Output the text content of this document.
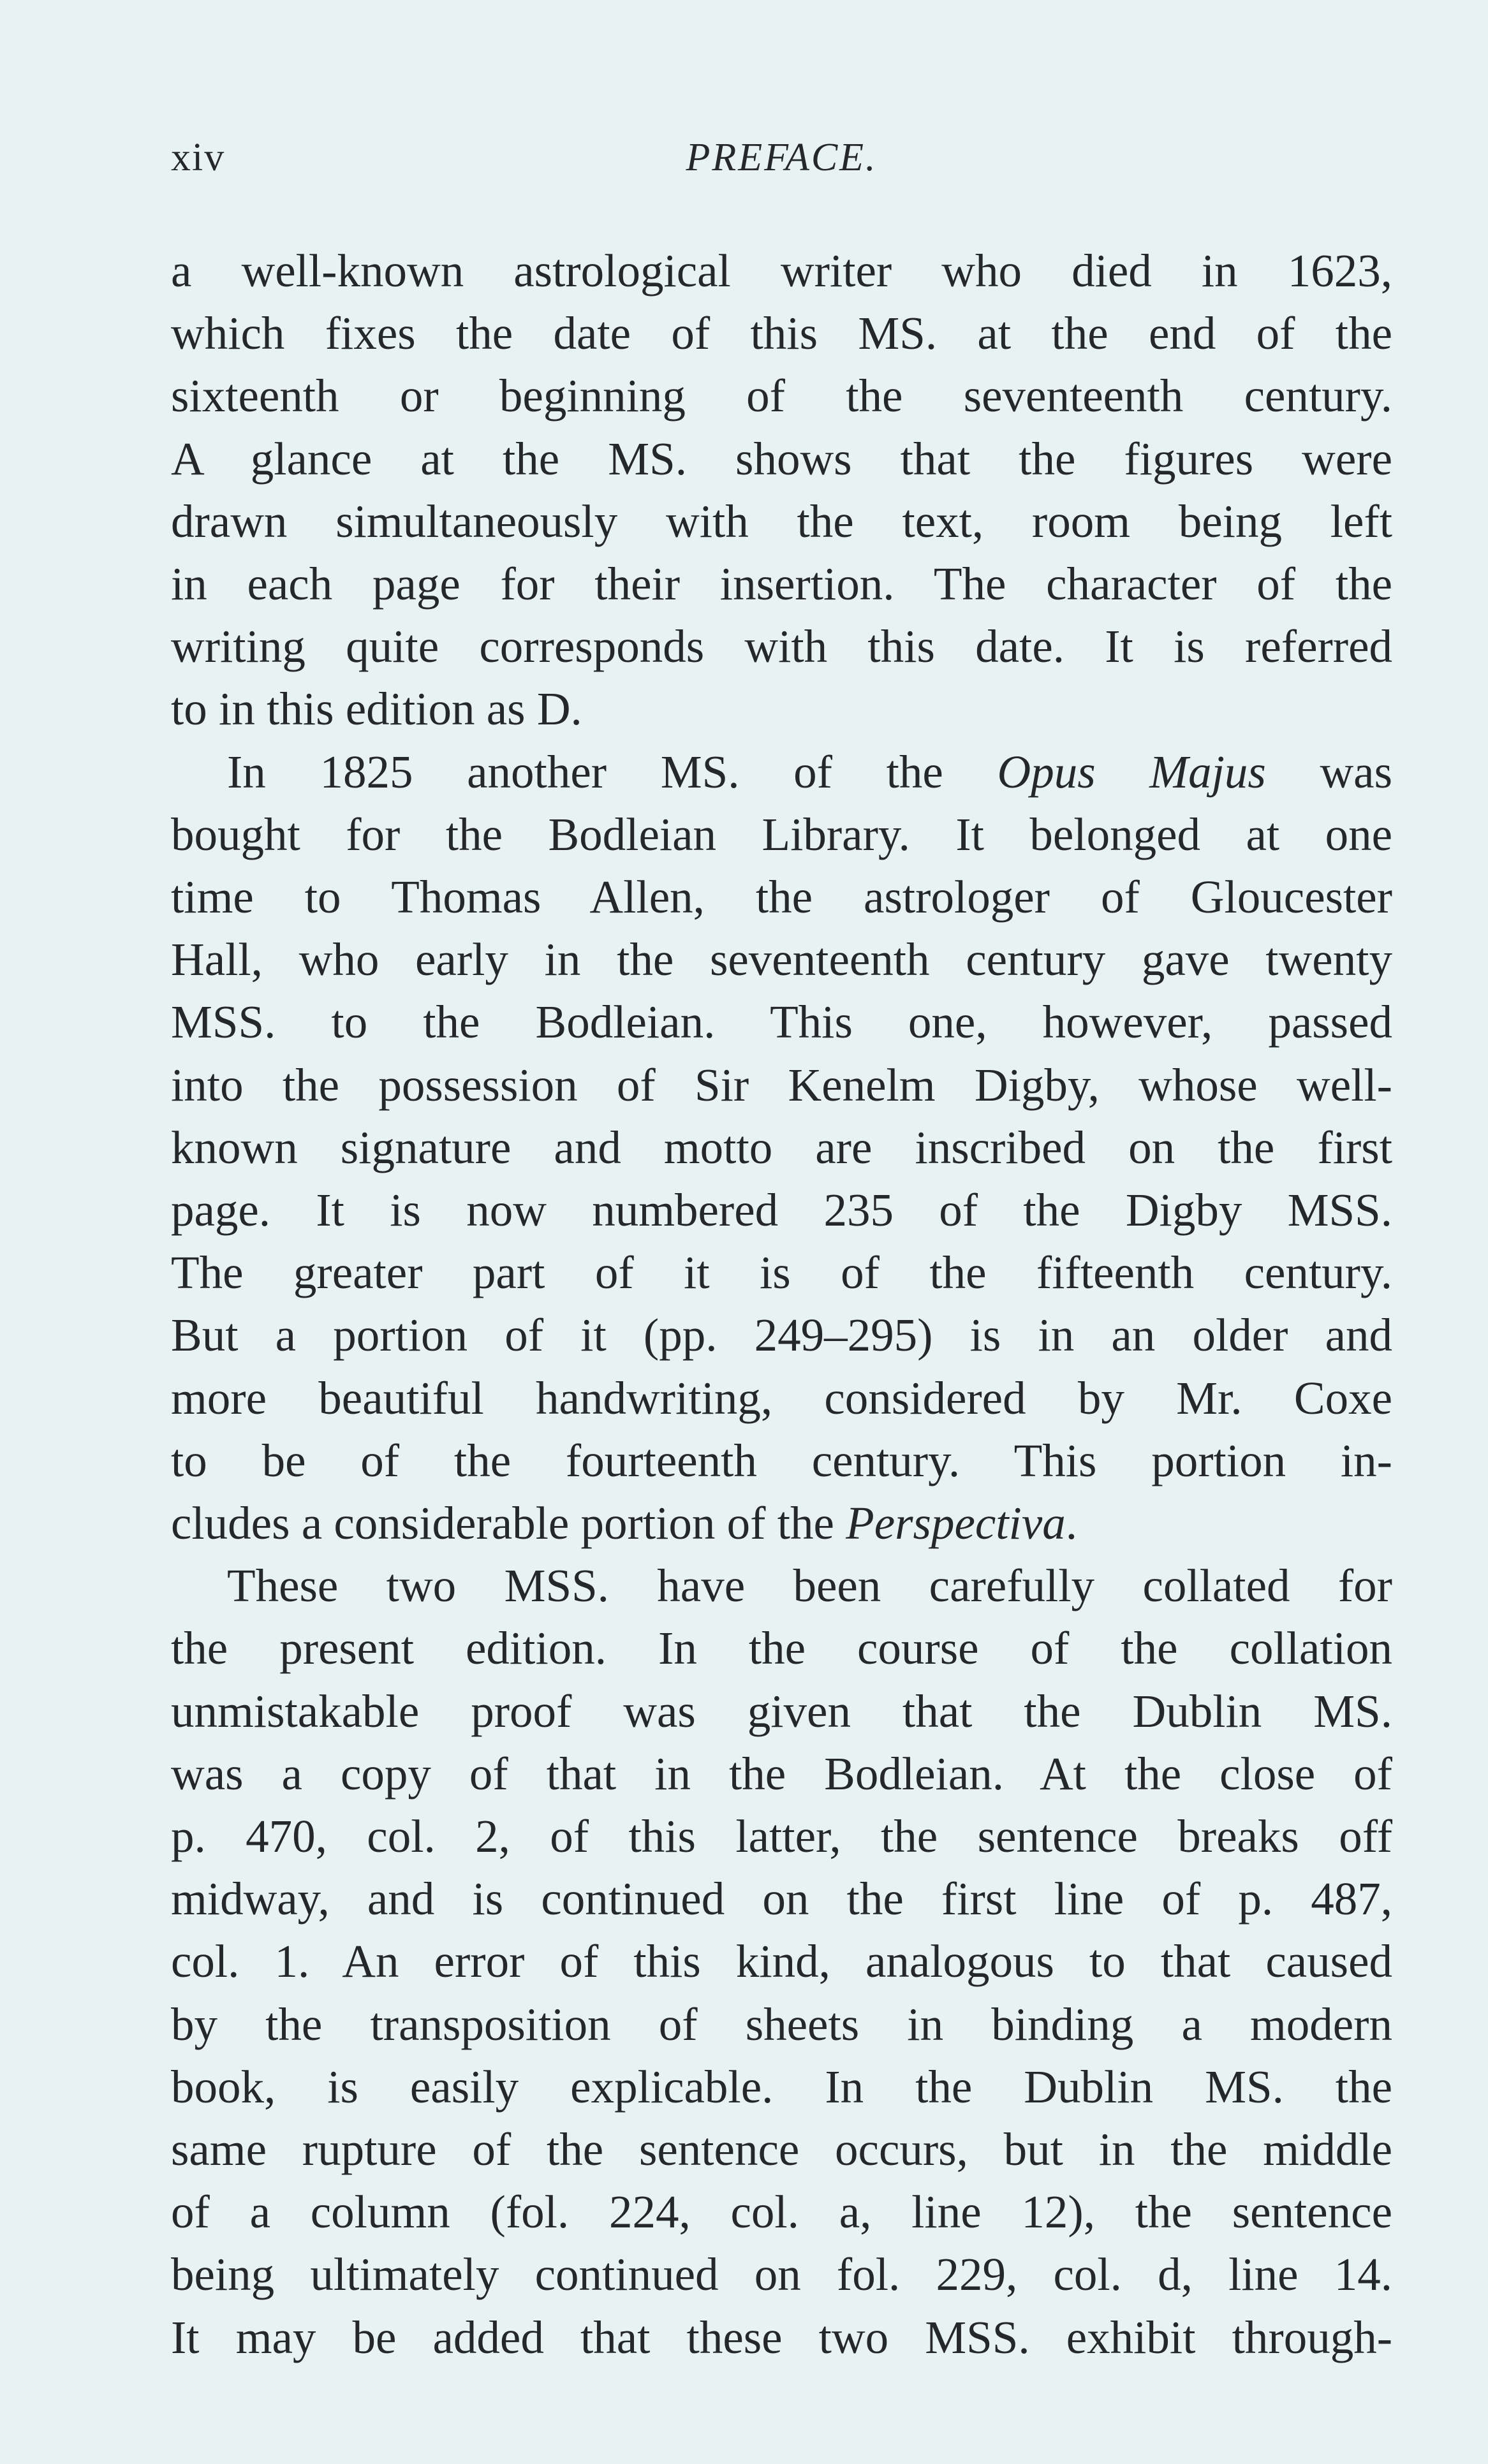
xiv	PREFACE.
a well-known astrological writer who died in 1623,
which fixes the date of this MS. at the end of the
sixteenth or beginning of the seventeenth century.
A glance at the MS. shows that the figures were
drawn simultaneously with the text, room being left
in each page for their insertion. The character of the
writing quite corresponds with this date. It is referred
to in this edition as D.
In 1825 another MS. of the Opus Majus was
bought for the Bodleian Library. It belonged at one
time to Thomas Allen, the astrologer of Gloucester
Hall, who early in the seventeenth century gave twenty
MSS. to the Bodleian. This one, however, passed
into the possession of Sir Kenelm Digby, whose well-
known signature and motto are inscribed on the first
page. It is now numbered 235 of the Digby MSS.
The greater part of it is of the fifteenth century.
But a portion of it (pp. 249–295) is in an older and
more beautiful handwriting, considered by Mr. Coxe
to be of the fourteenth century. This portion in-
cludes a considerable portion of the Perspectiva.
These two MSS. have been carefully collated for
the present edition. In the course of the collation
unmistakable proof was given that the Dublin MS.
was a copy of that in the Bodleian. At the close of
p. 470, col. 2, of this latter, the sentence breaks off
midway, and is continued on the first line of p. 487,
col. 1. An error of this kind, analogous to that caused
by the transposition of sheets in binding a modern
book, is easily explicable. In the Dublin MS. the
same rupture of the sentence occurs, but in the middle
of a column (fol. 224, col. a, line 12), the sentence
being ultimately continued on fol. 229, col. d, line 14.
It may be added that these two MSS. exhibit through-
